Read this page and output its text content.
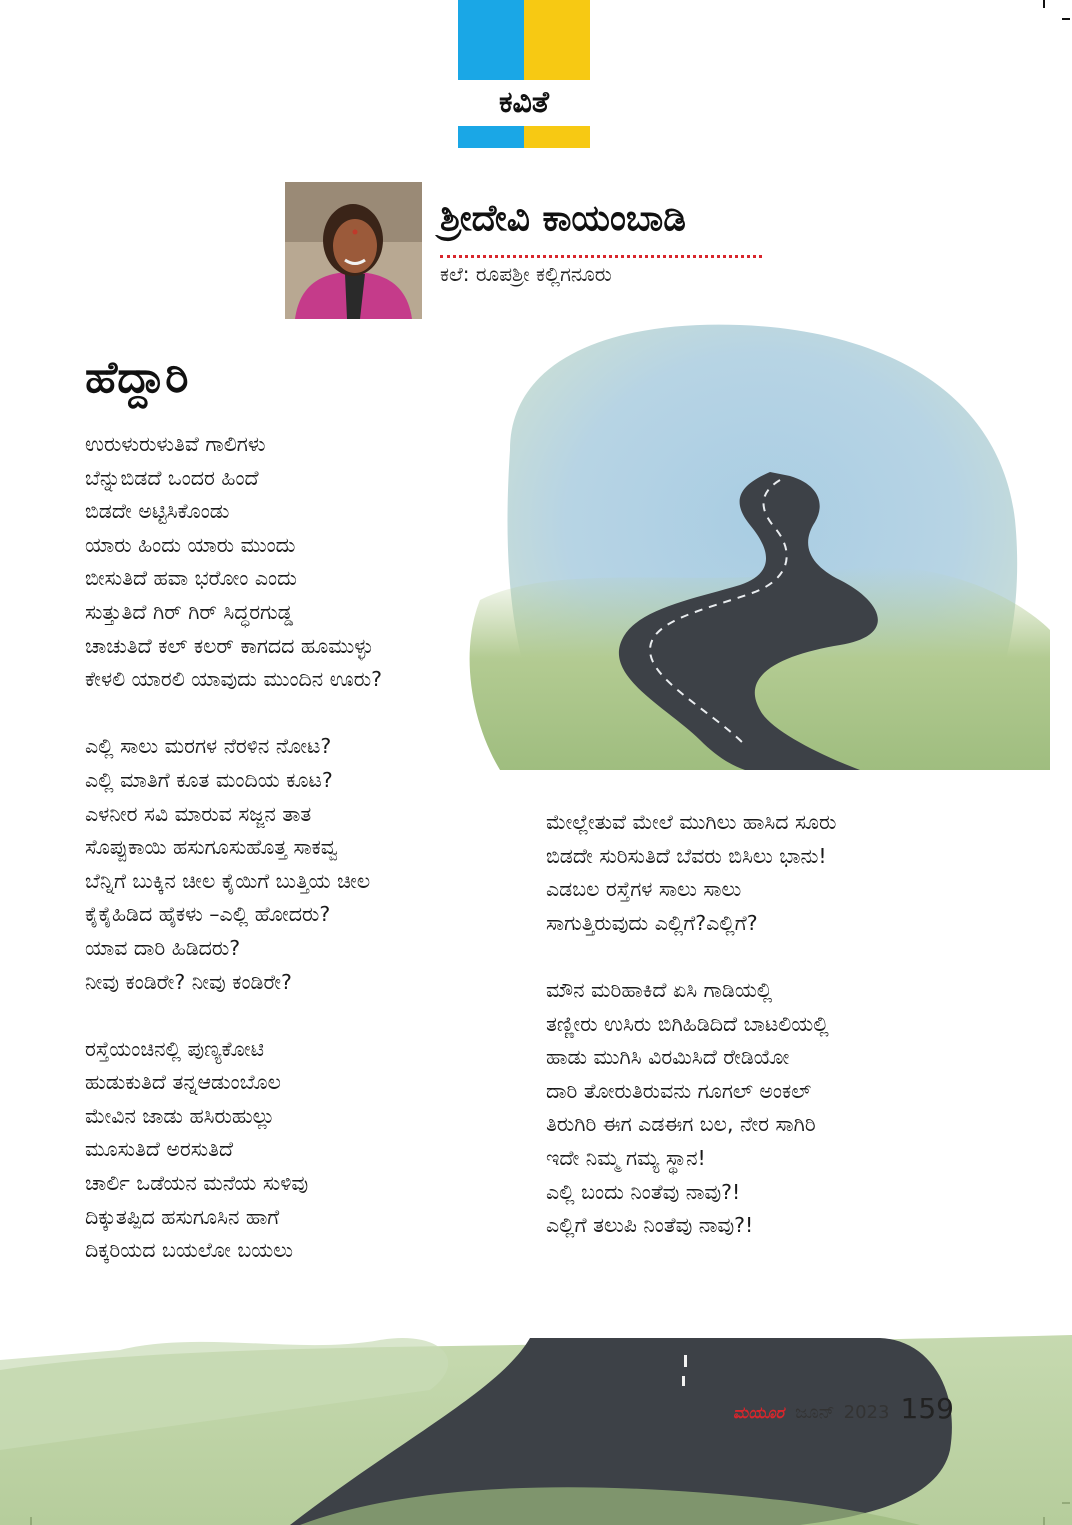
ಕವಿತೆ
ಶ್ರೀದೇವಿ ಕಾಯಂಬಾಡಿ
ಕಲೆ: ರೂಪಶ್ರೀ ಕಲ್ಲಿಗನೂರು
ಹೆದ್ದಾರಿ
ಉರುಳುರುಳುತಿವೆ ಗಾಲಿಗಳು
ಬೆನ್ನುಬಿಡದೆ ಒಂದರ ಹಿಂದೆ
ಬಿಡದೇ ಅಟ್ಟಿಸಿಕೊಂಡು
ಯಾರು ಹಿಂದು ಯಾರು ಮುಂದು
ಬೀಸುತಿದೆ ಹವಾ ಭರೋಂ ಎಂದು
ಸುತ್ತುತಿದೆ ಗಿರ್ ಗಿರ್ ಸಿದ್ಧರಗುಡ್ಡ
ಚಾಚುತಿದೆ ಕಲ್ ಕಲರ್ ಕಾಗದದ ಹೂಮುಳ್ಳು
ಕೇಳಲಿ ಯಾರಲಿ ಯಾವುದು ಮುಂದಿನ ಊರು?
ಎಲ್ಲಿ ಸಾಲು ಮರಗಳ ನೆರಳಿನ ನೋಟ?
ಎಲ್ಲಿ ಮಾತಿಗೆ ಕೂತ ಮಂದಿಯ ಕೂಟ?
ಎಳನೀರ ಸವಿ ಮಾರುವ ಸಜ್ಜನ ತಾತ
ಸೊಪ್ಪುಕಾಯಿ ಹಸುಗೂಸುಹೊತ್ತ ಸಾಕವ್ವ
ಬೆನ್ನಿಗೆ ಬುಕ್ಕಿನ ಚೀಲ ಕೈಯಿಗೆ ಬುತ್ತಿಯ ಚೀಲ
ಕೈಕೈಹಿಡಿದ ಹೈಕಳು –ಎಲ್ಲಿ ಹೋದರು?
ಯಾವ ದಾರಿ ಹಿಡಿದರು?
ನೀವು ಕಂಡಿರೇ? ನೀವು ಕಂಡಿರೇ?
ರಸ್ತೆಯಂಚಿನಲ್ಲಿ ಪುಣ್ಯಕೋಟಿ
ಹುಡುಕುತಿದೆ ತನ್ನಆಡುಂಬೊಲ
ಮೇವಿನ ಜಾಡು ಹಸಿರುಹುಲ್ಲು
ಮೂಸುತಿದೆ ಅರಸುತಿದೆ
ಚಾರ್ಲಿ ಒಡೆಯನ ಮನೆಯ ಸುಳಿವು
ದಿಕ್ಕುತಪ್ಪಿದ ಹಸುಗೂಸಿನ ಹಾಗೆ
ದಿಕ್ಕರಿಯದ ಬಯಲೋ ಬಯಲು
ಮೇಲ್ಲೇತುವೆ ಮೇಲೆ ಮುಗಿಲು ಹಾಸಿದ ಸೂರು
ಬಿಡದೇ ಸುರಿಸುತಿದೆ ಬೆವರು ಬಿಸಿಲು ಭಾನು!
ಎಡಬಲ ರಸ್ತೆಗಳ ಸಾಲು ಸಾಲು
ಸಾಗುತ್ತಿರುವುದು ಎಲ್ಲಿಗೆ?ಎಲ್ಲಿಗೆ?
ಮೌನ ಮರಿಹಾಕಿದೆ ಏಸಿ ಗಾಡಿಯಲ್ಲಿ
ತಣ್ಣೀರು ಉಸಿರು ಬಿಗಿಹಿಡಿದಿದೆ ಬಾಟಲಿಯಲ್ಲಿ
ಹಾಡು ಮುಗಿಸಿ ವಿರಮಿಸಿದೆ ರೇಡಿಯೋ
ದಾರಿ ತೋರುತಿರುವನು ಗೂಗಲ್ ಅಂಕಲ್
ತಿರುಗಿರಿ ಈಗ ಎಡಈಗ ಬಲ, ನೇರ ಸಾಗಿರಿ
ಇದೇ ನಿಮ್ಮ ಗಮ್ಯ ಸ್ಥಾನ!
ಎಲ್ಲಿ ಬಂದು ನಿಂತೆವು ನಾವು?!
ಎಲ್ಲಿಗೆ ತಲುಪಿ ನಿಂತೆವು ನಾವು?!
ಮಯೂರ ಜೂನ್ 2023 159
